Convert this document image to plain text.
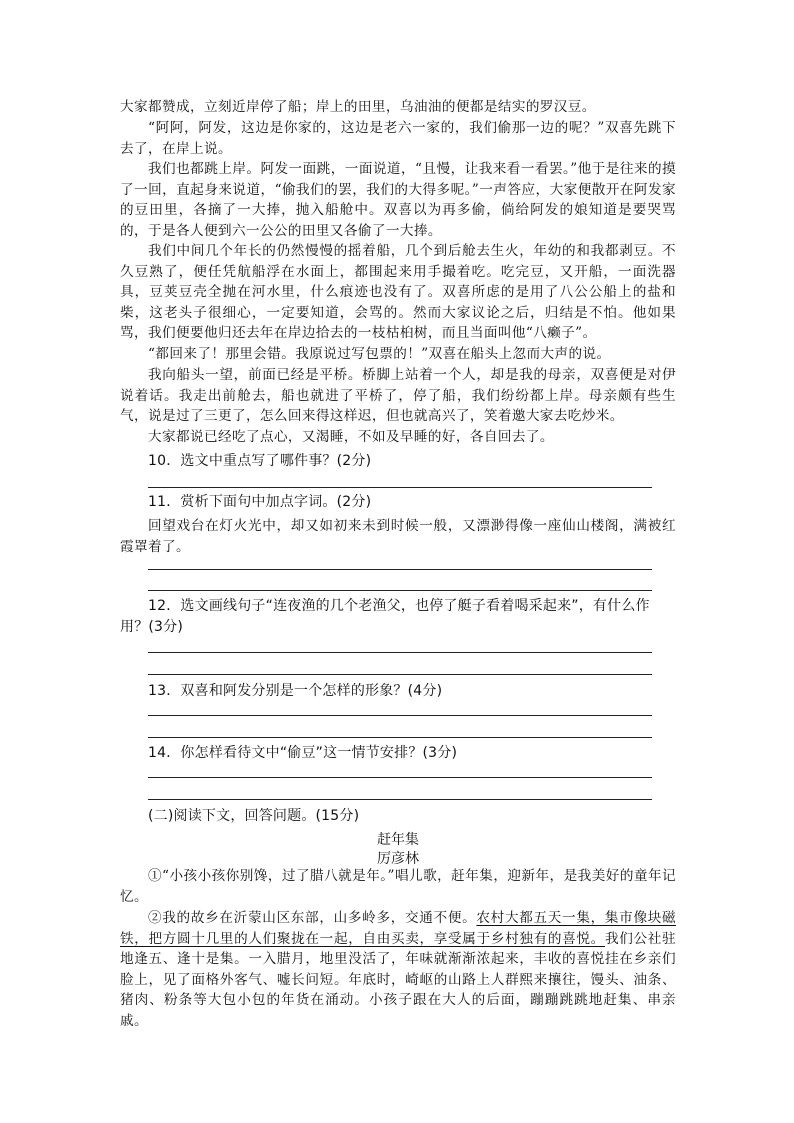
大家都赞成，立刻近岸停了船；岸上的田里，乌油油的便都是结实的罗汉豆。
“阿阿，阿发，这边是你家的，这边是老六一家的，我们偷那一边的呢？”双喜先跳下去了，在岸上说。
我们也都跳上岸。阿发一面跳，一面说道，“且慢，让我来看一看罢。”他于是往来的摸了一回，直起身来说道，“偷我们的罢，我们的大得多呢。”一声答应，大家便散开在阿发家的豆田里，各摘了一大捧，抛入船舱中。双喜以为再多偷，倘给阿发的娘知道是要哭骂的，于是各人便到六一公公的田里又各偷了一大捧。
我们中间几个年长的仍然慢慢的摇着船，几个到后舱去生火，年幼的和我都剥豆。不久豆熟了，便任凭航船浮在水面上，都围起来用手撮着吃。吃完豆，又开船，一面洗器具，豆荚豆壳全抛在河水里，什么痕迹也没有了。双喜所虑的是用了八公公船上的盐和柴，这老头子很细心，一定要知道，会骂的。然而大家议论之后，归结是不怕。他如果骂，我们便要他归还去年在岸边拾去的一枝枯桕树，而且当面叫他“八癞子”。
“都回来了！那里会错。我原说过写包票的！”双喜在船头上忽而大声的说。
我向船头一望，前面已经是平桥。桥脚上站着一个人，却是我的母亲，双喜便是对伊说着话。我走出前舱去，船也就进了平桥了，停了船，我们纷纷都上岸。母亲颇有些生气，说是过了三更了，怎么回来得这样迟，但也就高兴了，笑着邀大家去吃炒米。
大家都说已经吃了点心，又渴睡，不如及早睡的好，各自回去了。
10．选文中重点写了哪件事？(2分)
11．赏析下面句中加点字词。(2分)
回望戏台在灯火光中，却又如初来未到时候一般，又漂渺得像一座仙山楼阁，满被红霞罩着了。
12．选文画线句子“连夜渔的几个老渔父，也停了艇子看着喝采起来”，有什么作用？(3分)
13．双喜和阿发分别是一个怎样的形象？(4分)
14．你怎样看待文中“偷豆”这一情节安排？(3分)
(二)阅读下文，回答问题。(15分)
赶年集
厉彦林
①“小孩小孩你别馋，过了腊八就是年。”唱儿歌，赶年集，迎新年，是我美好的童年记忆。
②我的故乡在沂蒙山区东部，山多岭多，交通不便。农村大都五天一集，集市像块磁铁，把方圆十几里的人们聚拢在一起，自由买卖，享受属于乡村独有的喜悦。我们公社驻地逢五、逢十是集。一入腊月，地里没活了，年味就渐渐浓起来，丰收的喜悦挂在乡亲们脸上，见了面格外客气、嘘长问短。年底时，崎岖的山路上人群熙来攘往，馒头、油条、猪肉、粉条等大包小包的年货在涌动。小孩子跟在大人的后面，蹦蹦跳跳地赶集、串亲戚。
